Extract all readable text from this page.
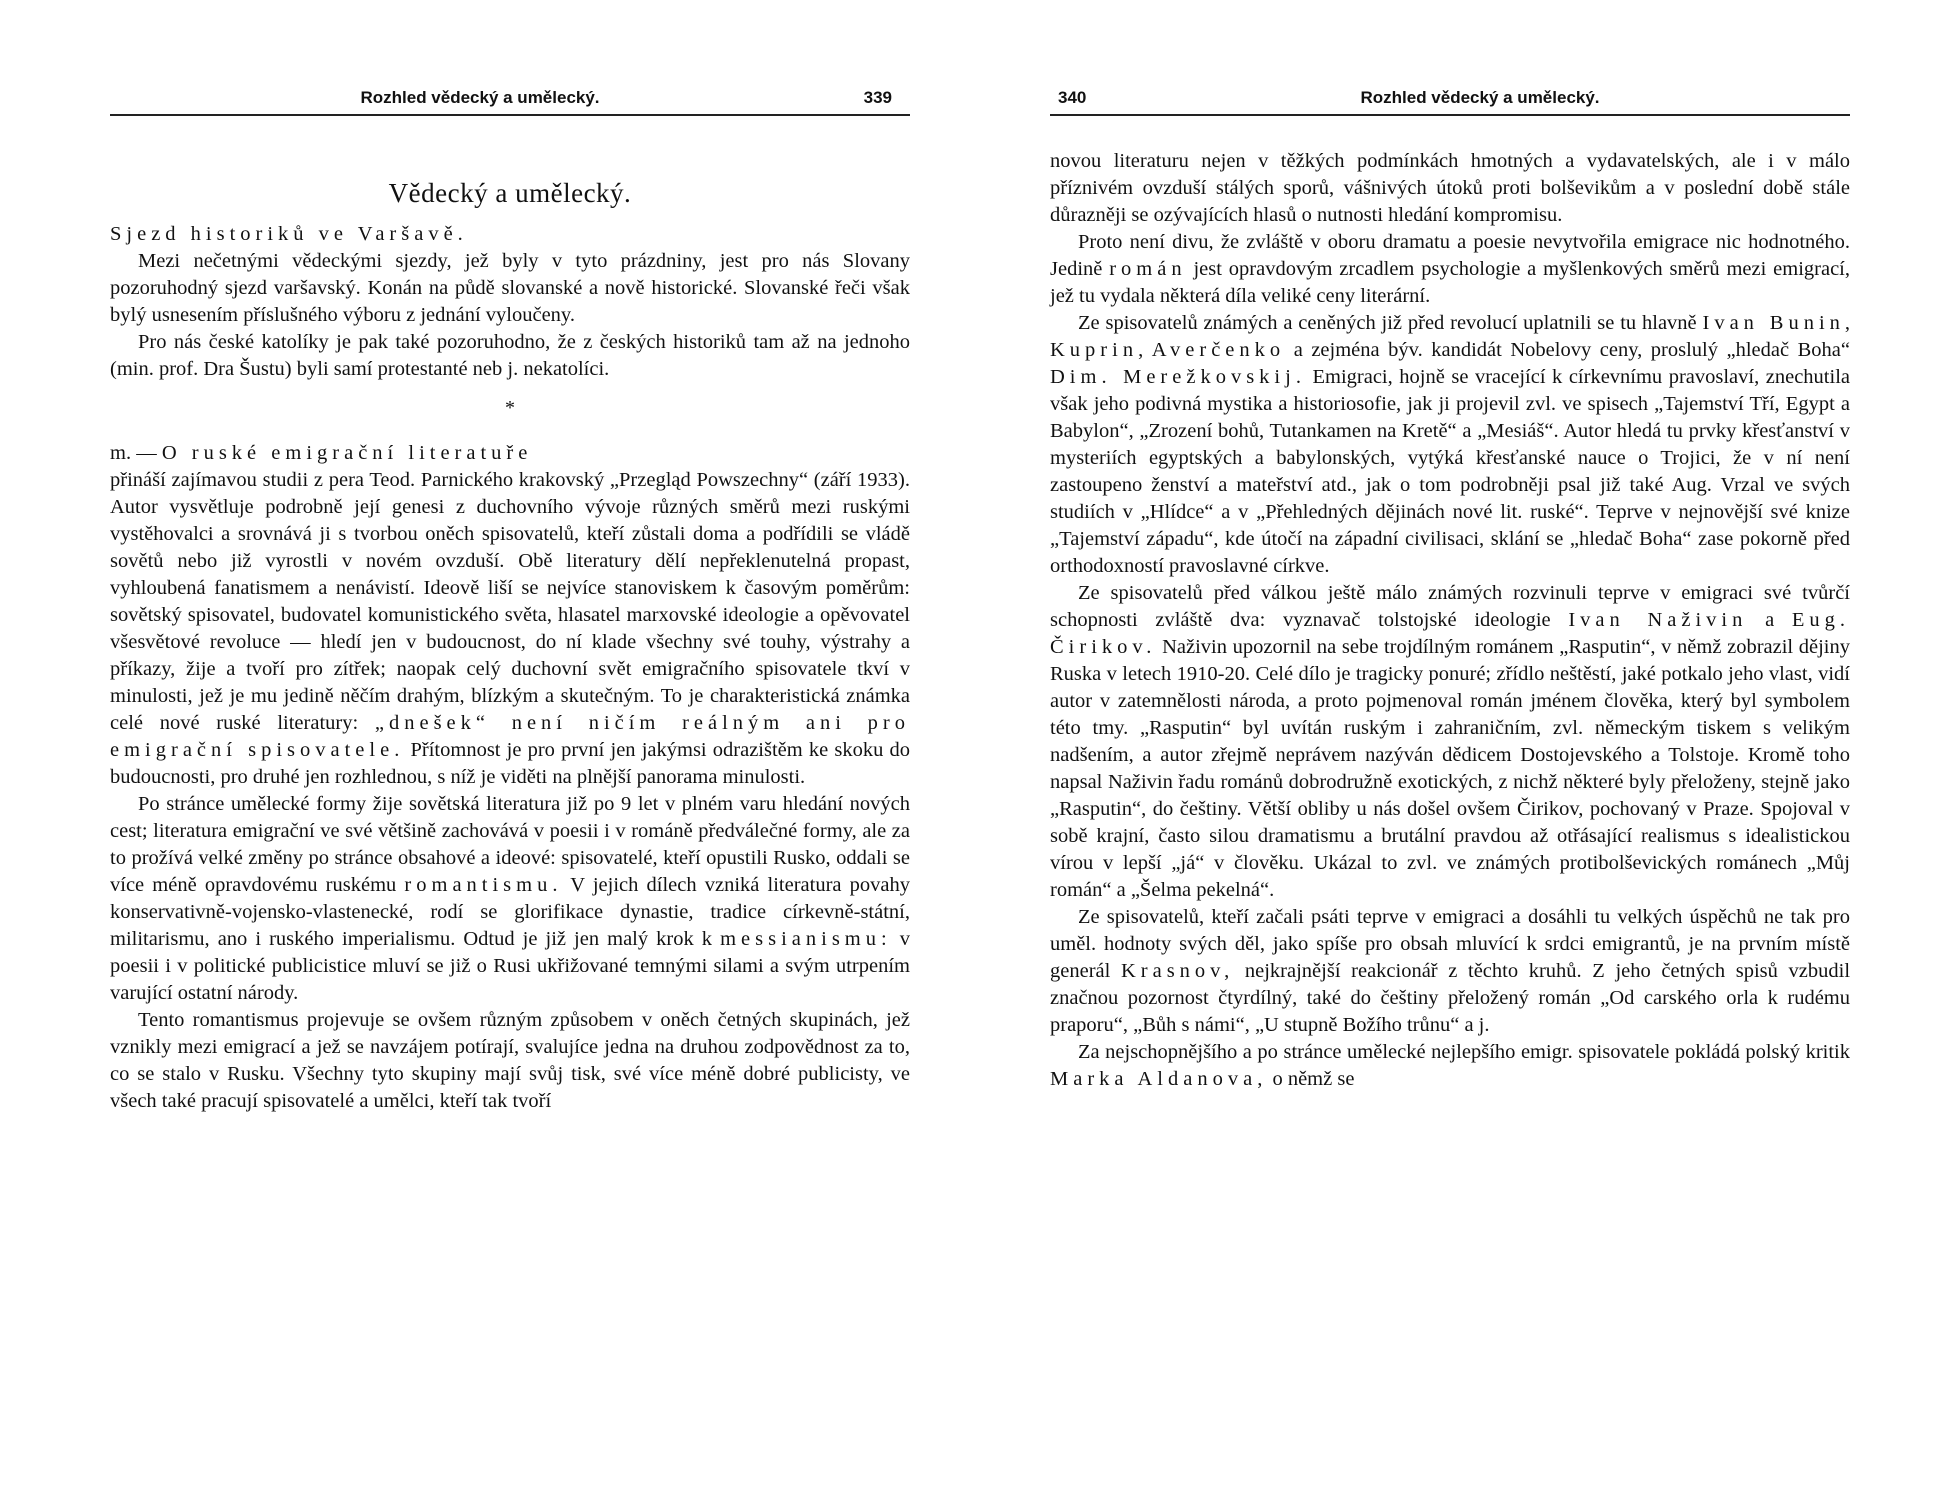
Rozhled vědecký a umělecký.	339
Vědecký a umělecký.

Sjezd historiků ve Varšavě.

Mezi nečetnými vědeckými sjezdy, jež byly v tyto prázdniny, jest pro nás Slovany pozoruhodný sjezd varšavský. Konán na půdě slovanské a nově historické. Slovanské řeči však bylý usnesením příslušného výboru z jednání vyloučeny.

Pro nás české katolíky je pak také pozoruhodno, že z českých historiků tam až na jednoho (min. prof. Dra Šustu) byli samí protestanté neb j. nekatolíci.

*

m. — O ruské emigrační literatuře

přináší zajímavou studii z pera Teod. Parnického krakovský „Przegląd Powszechny“ (září 1933). Autor vysvětluje podrobně její genesi z duchovního vývoje různých směrů mezi ruskými vystěhovalci a srovnává ji s tvorbou oněch spisovatelů, kteří zůstali doma a podřídili se vládě sovětů nebo již vyrostli v novém ovzduší. Obě literatury dělí nepřeklenutelná propast, vyhloubená fanatismem a nenávistí. Ideově liší se nejvíce stanoviskem k časovým poměrům: sovětský spisovatel, budovatel komunistického světa, hlasatel marxovské ideologie a opěvovatel všesvětové revoluce — hledí jen v budoucnost, do ní klade všechny své touhy, výstrahy a příkazy, žije a tvoří pro zítřek; naopak celý duchovní svět emigračního spisovatele tkví v minulosti, jež je mu jedině něčím drahým, blízkým a skutečným. To je charakteristická známka celé nové ruské literatury: „dnešek“ není ničím reálným ani pro emigrační spisovatele. Přítomnost je pro první jen jakýmsi odrazištěm ke skoku do budoucnosti, pro druhé jen rozhlednou, s níž je viděti na plnější panorama minulosti.

Po stránce umělecké formy žije sovětská literatura již po 9 let v plném varu hledání nových cest; literatura emigrační ve své většině zachovává v poesii i v románě předválečné formy, ale za to prožívá velké změny po stránce obsahové a ideové: spisovatelé, kteří opustili Rusko, oddali se více méně opravdovému ruskému romantismu. V jejich dílech vzniká literatura povahy konservativně-vojensko-vlastenecké, rodí se glorifikace dynastie, tradice církevně-státní, militarismu, ano i ruského imperialismu. Odtud je již jen malý krok k messianismu: v poesii i v politické publicistice mluví se již o Rusi ukřižované temnými silami a svým utrpením varující ostatní národy.

Tento romantismus projevuje se ovšem různým způsobem v oněch četných skupinách, jež vznikly mezi emigrací a jež se navzájem potírají, svalujíce jedna na druhou zodpovědnost za to, co se stalo v Rusku. Všechny tyto skupiny mají svůj tisk, své více méně dobré publicisty, ve všech také pracují spisovatelé a umělci, kteří tak tvoří

340	Rozhled vědecký a umělecký.

novou literaturu nejen v těžkých podmínkách hmotných a vydavatelských, ale i v málo příznivém ovzduší stálých sporů, vášnivých útoků proti bolševikům a v poslední době stále důrazněji se ozývajících hlasů o nutnosti hledání kompromisu.

Proto není divu, že zvláště v oboru dramatu a poesie nevytvořila emigrace nic hodnotného. Jedině román jest opravdovým zrcadlem psychologie a myšlenkových směrů mezi emigrací, jež tu vydala některá díla veliké ceny literární.

Ze spisovatelů známých a ceněných již před revolucí uplatnili se tu hlavně Ivan Bunin, Kuprin, Averčenko a zejména býv. kandidát Nobelovy ceny, proslulý „hledač Boha“ Dim. Merežkovskij. Emigraci, hojně se vracející k církevnímu pravoslaví, znechutila však jeho podivná mystika a historiosofie, jak ji projevil zvl. ve spisech „Tajemství Tří, Egypt a Babylon“, „Zrození bohů, Tutankamen na Kretě“ a „Mesiáš“. Autor hledá tu prvky křesťanství v mysteriích egyptských a babylonských, vytýká křesťanské nauce o Trojici, že v ní není zastoupeno ženství a mateřství atd., jak o tom podrobněji psal již také Aug. Vrzal ve svých studiích v „Hlídce“ a v „Přehledných dějinách nové lit. ruské“. Teprve v nejnovější své knize „Tajemství západu“, kde útočí na západní civilisaci, sklání se „hledač Boha“ zase pokorně před orthodoxností pravoslavné církve.

Ze spisovatelů před válkou ještě málo známých rozvinuli teprve v emigraci své tvůrčí schopnosti zvláště dva: vyznavač tolstojské ideologie Ivan Naživin a Eug. Čirikov. Naživin upozornil na sebe trojdílným románem „Rasputin“, v němž zobrazil dějiny Ruska v letech 1910-20. Celé dílo je tragicky ponuré; zřídlo neštěstí, jaké potkalo jeho vlast, vidí autor v zatemnělosti národa, a proto pojmenoval román jménem člověka, který byl symbolem této tmy. „Rasputin“ byl uvítán ruským i zahraničním, zvl. německým tiskem s velikým nadšením, a autor zřejmě neprávem nazýván dědicem Dostojevského a Tolstoje. Kromě toho napsal Naživin řadu románů dobrodružně exotických, z nichž některé byly přeloženy, stejně jako „Rasputin“, do češtiny. Větší obliby u nás došel ovšem Čirikov, pochovaný v Praze. Spojoval v sobě krajní, často silou dramatismu a brutální pravdou až otřásající realismus s idealistickou vírou v lepší „já“ v člověku. Ukázal to zvl. ve známých protibolševických románech „Můj román“ a „Šelma pekelná“.

Ze spisovatelů, kteří začali psáti teprve v emigraci a dosáhli tu velkých úspěchů ne tak pro uměl. hodnoty svých děl, jako spíše pro obsah mluvící k srdci emigrantů, je na prvním místě generál Krasnov, nejkrajnější reakcionář z těchto kruhů. Z jeho četných spisů vzbudil značnou pozornost čtyrdílný, také do češtiny přeložený román „Od carského orla k rudému praporu“, „Bůh s námi“, „U stupně Božího trůnu“ a j.

Za nejschopnějšího a po stránce umělecké nejlepšího emigr. spisovatele pokládá polský kritik Marka Aldanova, o němž se
